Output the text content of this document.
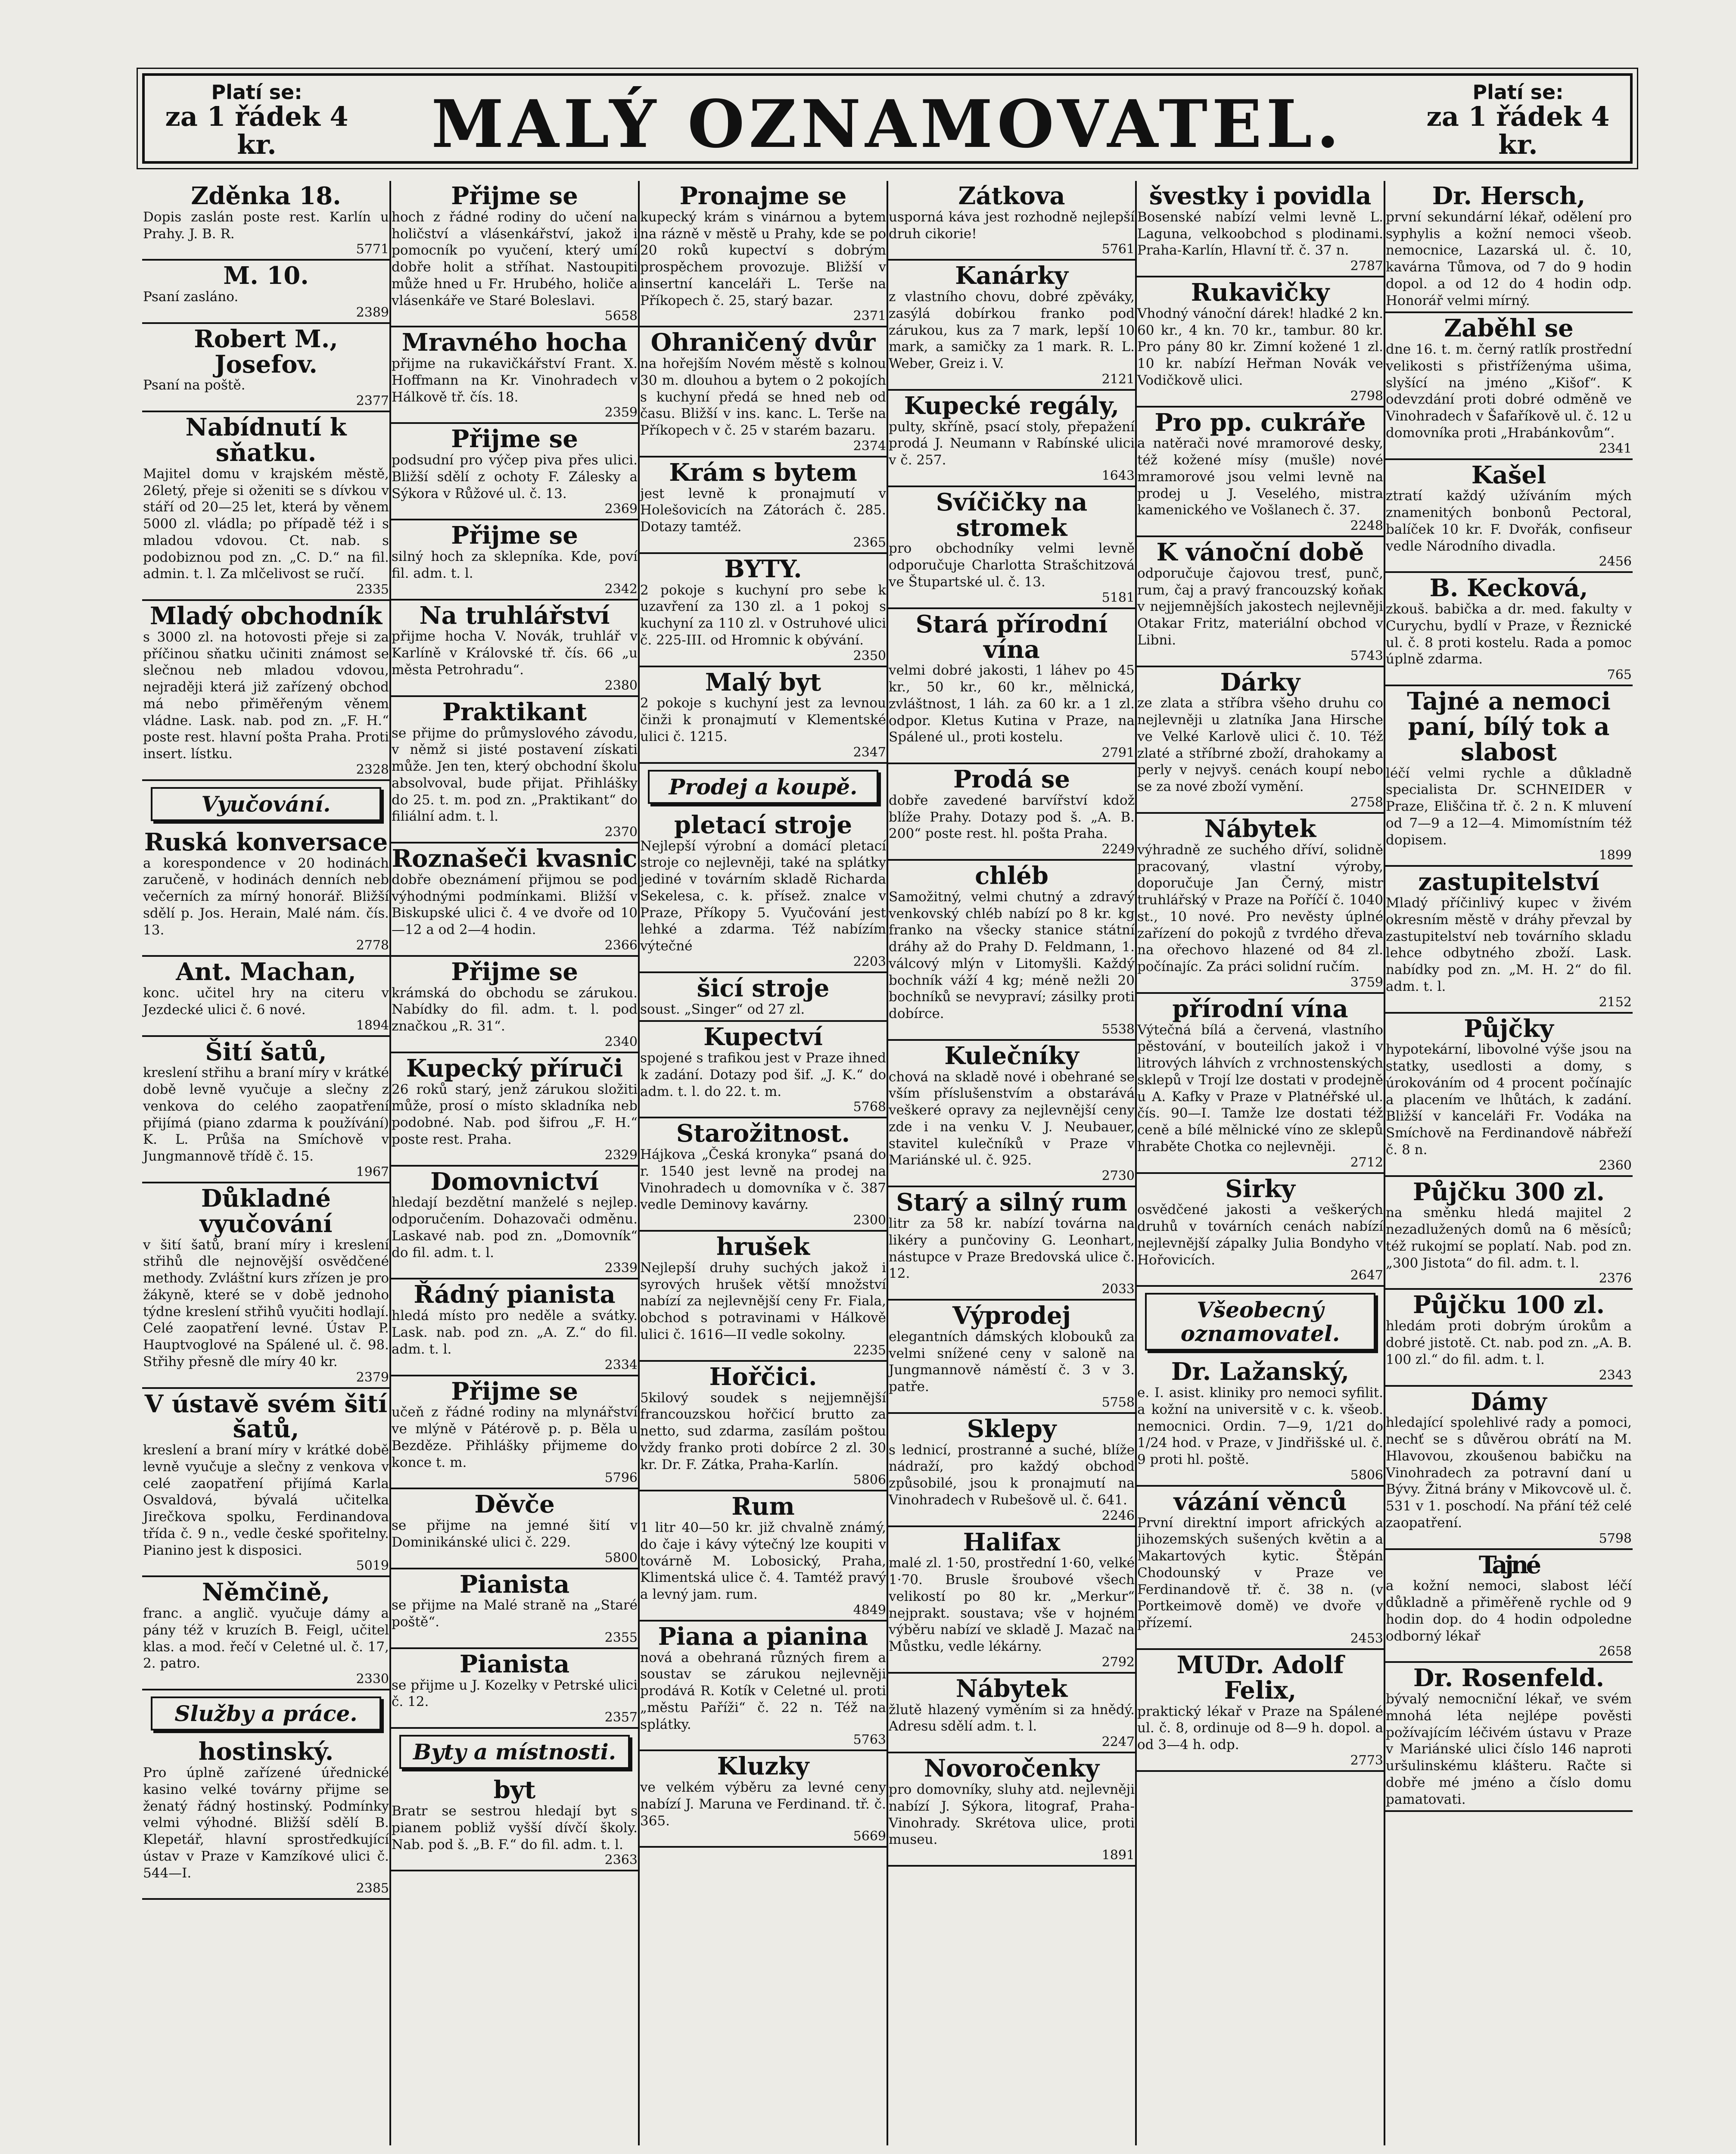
Platí se:
za 1 řádek 4 kr.	MALÝ OZNAMOVATEL.	Platí se:
za 1 řádek 4 kr.
Zděnka 18.

Dopis zaslán poste rest. Karlín u Prahy. J. B. R.

5771
M. 10.

Psaní zasláno.

2389
Robert M., Josefov.

Psaní na poště.

2377
Nabídnutí k sňatku.

Majitel domu v krajském městě, 26letý, přeje si oženiti se s dívkou v stáří od 20—25 let, která by věnem 5000 zl. vládla; po případě též i s mladou vdovou. Ct. nab. s podobiznou pod zn. „C. D.“ na fil. admin. t. l. Za mlčelivost se ručí.

2335
Mladý obchodník

s 3000 zl. na hotovosti přeje si za příčinou sňatku učiniti známost se slečnou neb mladou vdovou, nejraději která již zařízený obchod má nebo přiměřeným věnem vládne. Lask. nab. pod zn. „F. H.“ poste rest. hlavní pošta Praha. Proti insert. lístku.

2328
Vyučování.
Ruská konversace

a korespondence v 20 hodinách zaručeně, v hodinách denních neb večerních za mírný honorář. Bližší sdělí p. Jos. Herain, Malé nám. čís. 13.

2778
Ant. Machan,

konc. učitel hry na citeru v Jezdecké ulici č. 6 nové.

1894
Šití šatů,

kreslení střihu a braní míry v krátké době levně vyučuje a slečny z venkova do celého zaopatření přijímá (piano zdarma k používání) K. L. Průša na Smíchově v Jungmannově třídě č. 15.

1967
Důkladné vyučování

v šití šatů, braní míry i kreslení střihů dle nejnovější osvědčené methody. Zvláštní kurs zřízen je pro žákyně, které se v době jednoho týdne kreslení střihů vyučiti hodlají. Celé zaopatření levné. Ústav P. Hauptvoglové na Spálené ul. č. 98. Střihy přesně dle míry 40 kr.

2379
V ústavě svém šití šatů,

kreslení a braní míry v krátké době levně vyučuje a slečny z venkova v celé zaopatření přijímá Karla Osvaldová, bývalá učitelka Jirečkova spolku, Ferdinandova třída č. 9 n., vedle české spořitelny. Pianino jest k disposici.

5019
Němčině,

franc. a anglič. vyučuje dámy a pány též v kruzích B. Feigl, učitel klas. a mod. řečí v Celetné ul. č. 17, 2. patro.

2330
Služby a práce.
hostinský.

Pro úplně zařízené úřednické kasino velké továrny přijme se ženatý řádný hostinský. Podmínky velmi výhodné. Bližší sdělí B. Klepetář, hlavní sprostředkující ústav v Praze v Kamzíkové ulici č. 544—I.

2385
Přijme se

hoch z řádné rodiny do učení na holičství a vlásenkářství, jakož i pomocník po vyučení, který umí dobře holit a stříhat. Nastoupiti může hned u Fr. Hrubého, holiče a vlásenkáře ve Staré Boleslavi.

5658
Mravného hocha

přijme na rukavičkářství Frant. X. Hoffmann na Kr. Vinohradech v Hálkově tř. čís. 18.

2359
Přijme se

podsudní pro výčep piva přes ulici. Bližší sdělí z ochoty F. Zálesky a Sýkora v Růžové ul. č. 13.

2369
Přijme se

silný hoch za sklepníka. Kde, poví fil. adm. t. l.

2342
Na truhlářství

přijme hocha V. Novák, truhlář v Karlíně v Královské tř. čís. 66 „u města Petrohradu“.

2380
Praktikant

se přijme do průmyslového závodu, v němž si jisté postavení získati může. Jen ten, který obchodní školu absolvoval, bude přijat. Přihlášky do 25. t. m. pod zn. „Praktikant“ do filiální adm. t. l.

2370
Roznašeči kvasnic

dobře obeznámení přijmou se pod výhodnými podmínkami. Bližší v Biskupské ulici č. 4 ve dvoře od 10—12 a od 2—4 hodin.

2366
Přijme se

krámská do obchodu se zárukou. Nabídky do fil. adm. t. l. pod značkou „R. 31“.

2340
Kupecký příruči

26 roků starý, jenž zárukou složiti může, prosí o místo skladníka neb podobné. Nab. pod šifrou „F. H.“ poste rest. Praha.

2329
Domovnictví

hledají bezdětní manželé s nejlep. odporučením. Dohazovači odměnu. Laskavé nab. pod zn. „Domovník“ do fil. adm. t. l.

2339
Řádný pianista

hledá místo pro neděle a svátky. Lask. nab. pod zn. „A. Z.“ do fil. adm. t. l.

2334
Přijme se

učeň z řádné rodiny na mlynářství ve mlýně v Pátérově p. p. Běla u Bezděze. Přihlášky přijmeme do konce t. m.

5796
Děvče

se přijme na jemné šití v Dominikánské ulici č. 229.

5800
Pianista

se přijme na Malé straně na „Staré poště“.

2355
Pianista

se přijme u J. Kozelky v Petrské ulici č. 12.

2357
Byty a místnosti.
byt

Bratr se sestrou hledají byt s pianem pobliž vyšší dívčí školy. Nab. pod š. „B. F.“ do fil. adm. t. l.

2363
Pronajme se

kupecký krám s vinárnou a bytem na rázně v městě u Prahy, kde se po 20 roků kupectví s dobrým prospěchem provozuje. Bližší v insertní kanceláři L. Terše na Příkopech č. 25, starý bazar.

2371
Ohraničený dvůr

na hořejším Novém městě s kolnou 30 m. dlouhou a bytem o 2 pokojích s kuchyní předá se hned neb od času. Bližší v ins. kanc. L. Terše na Příkopech v č. 25 v starém bazaru.

2374
Krám s bytem

jest levně k pronajmutí v Holešovicích na Zátorách č. 285. Dotazy tamtéž.

2365
BYTY.

2 pokoje s kuchyní pro sebe k uzavření za 130 zl. a 1 pokoj s kuchyní za 110 zl. v Ostruhové ulici č. 225-III. od Hromnic k obývání.

2350
Malý byt

2 pokoje s kuchyní jest za levnou činži k pronajmutí v Klementské ulici č. 1215.

2347
Prodej a koupě.
pletací stroje

Nejlepší výrobní a domácí pletací stroje co nejlevněji, také na splátky jediné v továrním skladě Richarda Sekelesa, c. k. přísež. znalce v Praze, Příkopy 5. Vyučování jest lehké a zdarma. Též nabízím výtečné

2203
šicí stroje

soust. „Singer“ od 27 zl.

Kupectví

spojené s trafikou jest v Praze ihned k zadání. Dotazy pod šif. „J. K.“ do adm. t. l. do 22. t. m.

5768
Starožitnost.

Hájkova „Česká kronyka“ psaná do r. 1540 jest levně na prodej na Vinohradech u domovníka v č. 387 vedle Deminovy kavárny.

2300
hrušek

Nejlepší druhy suchých jakož i syrových hrušek větší množství nabízí za nejlevnější ceny Fr. Fiala, obchod s potravinami v Hálkově ulici č. 1616—II vedle sokolny.

2235
Hořčici.

5kilový soudek s nejjemnější francouzskou hořčicí brutto za netto, sud zdarma, zasílám poštou vždy franko proti dobírce 2 zl. 30 kr. Dr. F. Zátka, Praha-Karlín.

5806
Rum

1 litr 40—50 kr. již chvalně známý, do čaje i kávy výtečný lze koupiti v továrně M. Lobosický, Praha, Klimentská ulice č. 4. Tamtéž pravý a levný jam. rum.

4849
Piana a pianina

nová a obehraná různých firem a soustav se zárukou nejlevněji prodává R. Kotík v Celetné ul. proti „městu Paříži“ č. 22 n. Též na splátky.

5763
Kluzky

ve velkém výběru za levné ceny nabízí J. Maruna ve Ferdinand. tř. č. 365.

5669
Zátkova

usporná káva jest rozhodně nejlepší druh cikorie!

5761
Kanárky

z vlastního chovu, dobré zpěváky, zasýlá dobírkou franko pod zárukou, kus za 7 mark, lepší 10 mark, a samičky za 1 mark. R. L. Weber, Greiz i. V.

2121
Kupecké regály,

pulty, skříně, psací stoly, přepažení prodá J. Neumann v Rabínské ulici v č. 257.

1643
Svíčičky na stromek

pro obchodníky velmi levně odporučuje Charlotta Strašchitzová ve Štupartské ul. č. 13.

5181
Stará přírodní vína

velmi dobré jakosti, 1 láhev po 45 kr., 50 kr., 60 kr., mělnická, zvláštnost, 1 láh. za 60 kr. a 1 zl. odpor. Kletus Kutina v Praze, na Spálené ul., proti kostelu.

2791
Prodá se

dobře zavedené barvířství kdož blíže Prahy. Dotazy pod š. „A. B. 200“ poste rest. hl. pošta Praha.

2249
chléb

Samožitný, velmi chutný a zdravý venkovský chléb nabízí po 8 kr. kg franko na všecky stanice státní dráhy až do Prahy D. Feldmann, 1. válcový mlýn v Litomyšli. Každý bochník váží 4 kg; méně nežli 20 bochníků se nevypraví; zásilky proti dobírce.

5538
Kulečníky

chová na skladě nové i obehrané se vším příslušenstvím a obstarává veškeré opravy za nejlevnější ceny zde i na venku V. J. Neubauer, stavitel kulečníků v Praze v Mariánské ul. č. 925.

2730
Starý a silný rum

litr za 58 kr. nabízí továrna na likéry a punčoviny G. Leonhart, nástupce v Praze Bredovská ulice č. 12.

2033
Výprodej

elegantních dámských klobouků za velmi snížené ceny v saloně na Jungmannově náměstí č. 3 v 3. patře.

5758
Sklepy

s lednicí, prostranné a suché, blíže nádraží, pro každý obchod způsobilé, jsou k pronajmutí na Vinohradech v Rubešově ul. č. 641.

2246
Halifax

malé zl. 1·50, prostřední 1·60, velké 1·70. Brusle šroubové všech velikostí po 80 kr. „Merkur“ nejprakt. soustava; vše v hojném výběru nabízí ve skladě J. Mazač na Můstku, vedle lékárny.

2792
Nábytek

žlutě hlazený vyměním si za hnědý. Adresu sdělí adm. t. l.

2247
Novoročenky

pro domovníky, sluhy atd. nejlevněji nabízí J. Sýkora, litograf, Praha-Vinohrady. Skrétova ulice, proti museu.

1891
švestky i povidla

Bosenské nabízí velmi levně L. Laguna, velkoobchod s plodinami. Praha-Karlín, Hlavní tř. č. 37 n.

2787
Rukavičky

Vhodný vánoční dárek! hladké 2 kn. 60 kr., 4 kn. 70 kr., tambur. 80 kr. Pro pány 80 kr. Zimní kožené 1 zl. 10 kr. nabízí Heřman Novák ve Vodičkově ulici.

2798
Pro pp. cukráře

a natěrači nové mramorové desky, též kožené mísy (mušle) nové mramorové jsou velmi levně na prodej u J. Veselého, mistra kamenického ve Vošlanech č. 37.

2248
K vánoční době

odporučuje čajovou tresť, punč, rum, čaj a pravý francouzský koňak v nejjemnějších jakostech nejlevněji Otakar Fritz, materiální obchod v Libni.

5743
Dárky

ze zlata a stříbra všeho druhu co nejlevněji u zlatníka Jana Hirsche ve Velké Karlově ulici č. 10. Též zlaté a stříbrné zboží, drahokamy a perly v nejvyš. cenách koupí nebo se za nové zboží vymění.

2758
Nábytek

výhradně ze suchého dříví, solidně pracovaný, vlastní výroby, doporučuje Jan Černý, mistr truhlářský v Praze na Poříčí č. 1040 st., 10 nové. Pro nevěsty úplné zařízení do pokojů z tvrdého dřeva na ořechovo hlazené od 84 zl. počínajíc. Za práci solidní ručím.

3759
přírodní vína

Výtečná bílá a červená, vlastního pěstování, v bouteilích jakož i v litrových láhvích z vrchnostenských sklepů v Trojí lze dostati v prodejně u A. Kafky v Praze v Platnéřské ul. čís. 90—I. Tamže lze dostati též ceně a bílé mělnické víno ze sklepů hraběte Chotka co nejlevněji.

2712
Sirky

osvědčené jakosti a veškerých druhů v továrních cenách nabízí nejlevnější zápalky Julia Bondyho v Hořovicích.

2647
Všeobecný oznamovatel.
Dr. Lažanský,

e. I. asist. kliniky pro nemoci syfilit. a kožní na universitě v c. k. všeob. nemocnici. Ordin. 7—9, 1/21 do 1/24 hod. v Praze, v Jindřišské ul. č. 9 proti hl. poště.

5806
vázání věnců

První direktní import afrických a jihozemských sušených květin a a Makartových kytic. Štěpán Chodounský v Praze ve Ferdinandově tř. č. 38 n. (v Portkeimově domě) ve dvoře v přízemí.

2453
MUDr. Adolf Felix,

praktický lékař v Praze na Spálené ul. č. 8, ordinuje od 8—9 h. dopol. a od 3—4 h. odp.

2773
Dr. Hersch,

první sekundární lékař, odělení pro syphylis a kožní nemoci všeob. nemocnice, Lazarská ul. č. 10, kavárna Tůmova, od 7 do 9 hodin dopol. a od 12 do 4 hodin odp. Honorář velmi mírný.

Zaběhl se

dne 16. t. m. černý ratlík prostřední velikosti s přistříženýma ušima, slyšící na jméno „Kišof“. K odevzdání proti dobré odměně ve Vinohradech v Šafaříkově ul. č. 12 u domovníka proti „Hrabánkovům“.

2341
Kašel

ztratí každý užíváním mých znamenitých bonbonů Pectoral, balíček 10 kr. F. Dvořák, confiseur vedle Národního divadla.

2456
B. Kecková,

zkouš. babička a dr. med. fakulty v Curychu, bydlí v Praze, v Řeznické ul. č. 8 proti kostelu. Rada a pomoc úplně zdarma.

765
Tajné a nemoci paní, bílý tok a slabost

léčí velmi rychle a důkladně specialista Dr. SCHNEIDER v Praze, Eliščina tř. č. 2 n. K mluvení od 7—9 a 12—4. Mimomístním též dopisem.

1899
zastupitelství

Mladý příčinlivý kupec v živém okresním městě v dráhy převzal by zastupitelství neb továrního skladu lehce odbytného zboží. Lask. nabídky pod zn. „M. H. 2“ do fil. adm. t. l.

2152
Půjčky

hypotekární, libovolné výše jsou na statky, usedlosti a domy, s úrokováním od 4 procent počínajíc a placením ve lhůtách, k zadání. Bližší v kanceláři Fr. Vodáka na Smíchově na Ferdinandově nábřeží č. 8 n.

2360
Půjčku 300 zl.

na směnku hledá majitel 2 nezadlužených domů na 6 měsíců; též rukojmí se poplatí. Nab. pod zn. „300 Jistota“ do fil. adm. t. l.

2376
Půjčku 100 zl.

hledám proti dobrým úrokům a dobré jistotě. Ct. nab. pod zn. „A. B. 100 zl.“ do fil. adm. t. l.

2343
Dámy

hledající spolehlivé rady a pomoci, nechť se s důvěrou obrátí na M. Hlavovou, zkoušenou babičku na Vinohradech za potravní daní u Bývy. Žitná brány v Mikovcově ul. č. 531 v 1. poschodí. Na přání též celé zaopatření.

5798
Tajné

a kožní nemoci, slabost léčí důkladně a přiměřeně rychle od 9 hodin dop. do 4 hodin odpoledne odborný lékař

2658
Dr. Rosenfeld.

bývalý nemocniční lékař, ve svém mnohá léta nejlépe pověsti požívajícím léčivém ústavu v Praze v Mariánské ulici číslo 146 naproti uršulinskému klášteru. Račte si dobře mé jméno a číslo domu pamatovati.
